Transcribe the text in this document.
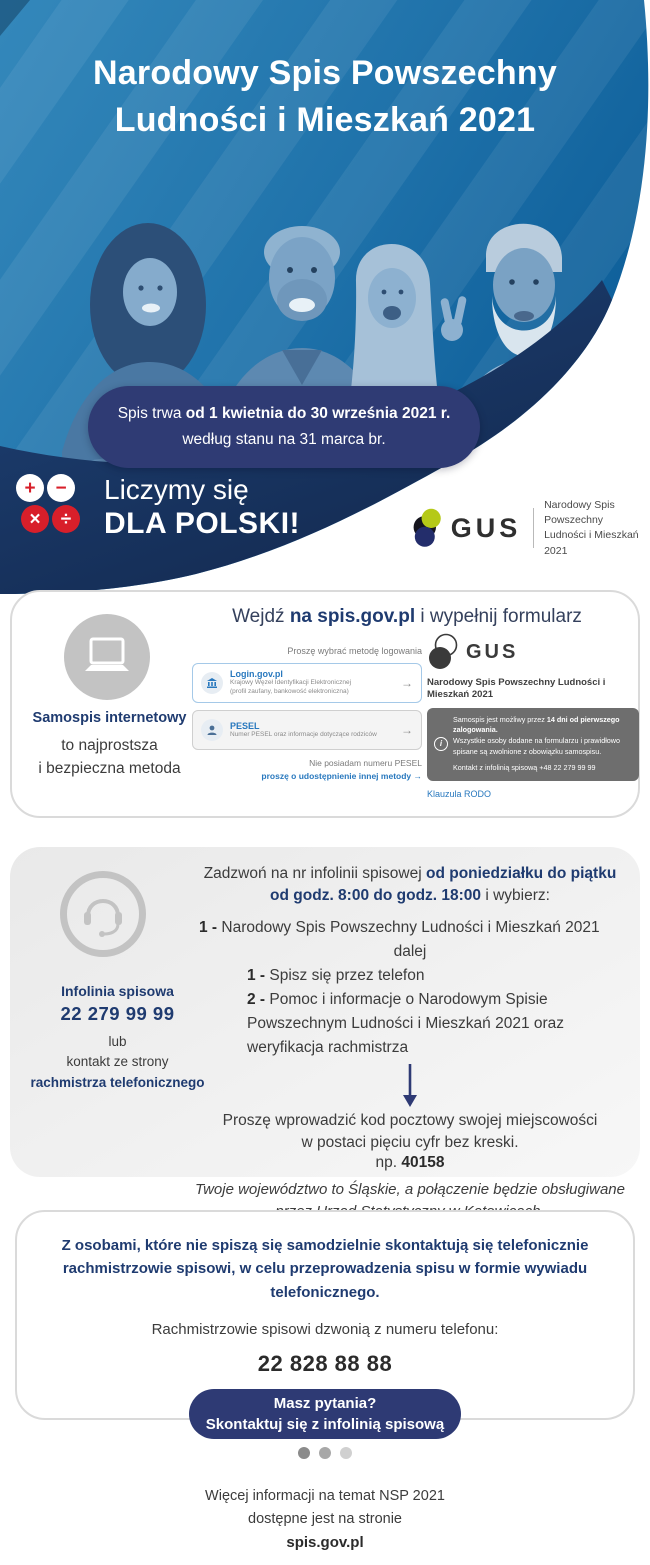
Narodowy Spis Powszechny
Ludności i Mieszkań 2021
Spis trwa od 1 kwietnia do 30 września 2021 r.
według stanu na 31 marca br.
+	−
×	÷
Liczymy się
DLA POLSKI!	GUS
Narodowy Spis Powszechny
Ludności i Mieszkań 2021
Wejdź na spis.gov.pl i wypełnij formularz
Samospis internetowy
to najprostsza
i bezpieczna metoda
Proszę wybrać metodę logowania
Login.gov.pl
Krajowy Węzeł Identyfikacji Elektronicznej
(profil zaufany, bankowość elektroniczna)
→
PESEL
Numer PESEL oraz informacje dotyczące rodziców	→
Nie posiadam numeru PESEL
proszę o udostępnienie innej metody →
GUS
Narodowy Spis Powszechny Ludności i Mieszkań 2021
i
Samospis jest możliwy przez 14 dni od pierwszego zalogowania.
Wszystkie osoby dodane na formularzu i prawidłowo spisane są zwolnione z obowiązku samospisu.
Kontakt z infolinią spisową +48 22 279 99 99
Klauzula RODO
Infolinia spisowa
22 279 99 99
lub
kontakt ze strony
rachmistrza telefonicznego
Zadzwoń na nr infolinii spisowej od poniedziałku do piątku
od godz. 8:00 do godz. 18:00 i wybierz:
1 - Narodowy Spis Powszechny Ludności i Mieszkań 2021
dalej
1 - Spisz się przez telefon
2 - Pomoc i informacje o Narodowym Spisie Powszechnym Ludności i Mieszkań 2021 oraz weryfikacja rachmistrza
Proszę wprowadzić kod pocztowy swojej miejscowości
w postaci pięciu cyfr bez kreski.
np. 40158
Twoje województwo to Śląskie, a połączenie będzie obsługiwane
Z osobami, które nie spiszą się samodzielnie skontaktują się telefonicznie rachmistrzowie spisowi, w celu przeprowadzenia spisu w formie wywiadu telefonicznego.
Rachmistrzowie spisowi dzwonią z numeru telefonu:
22 828 88 88
Masz pytania?
Skontaktuj się z infolinią spisową
Więcej informacji na temat NSP 2021
dostępne jest na stronie
spis.gov.pl
